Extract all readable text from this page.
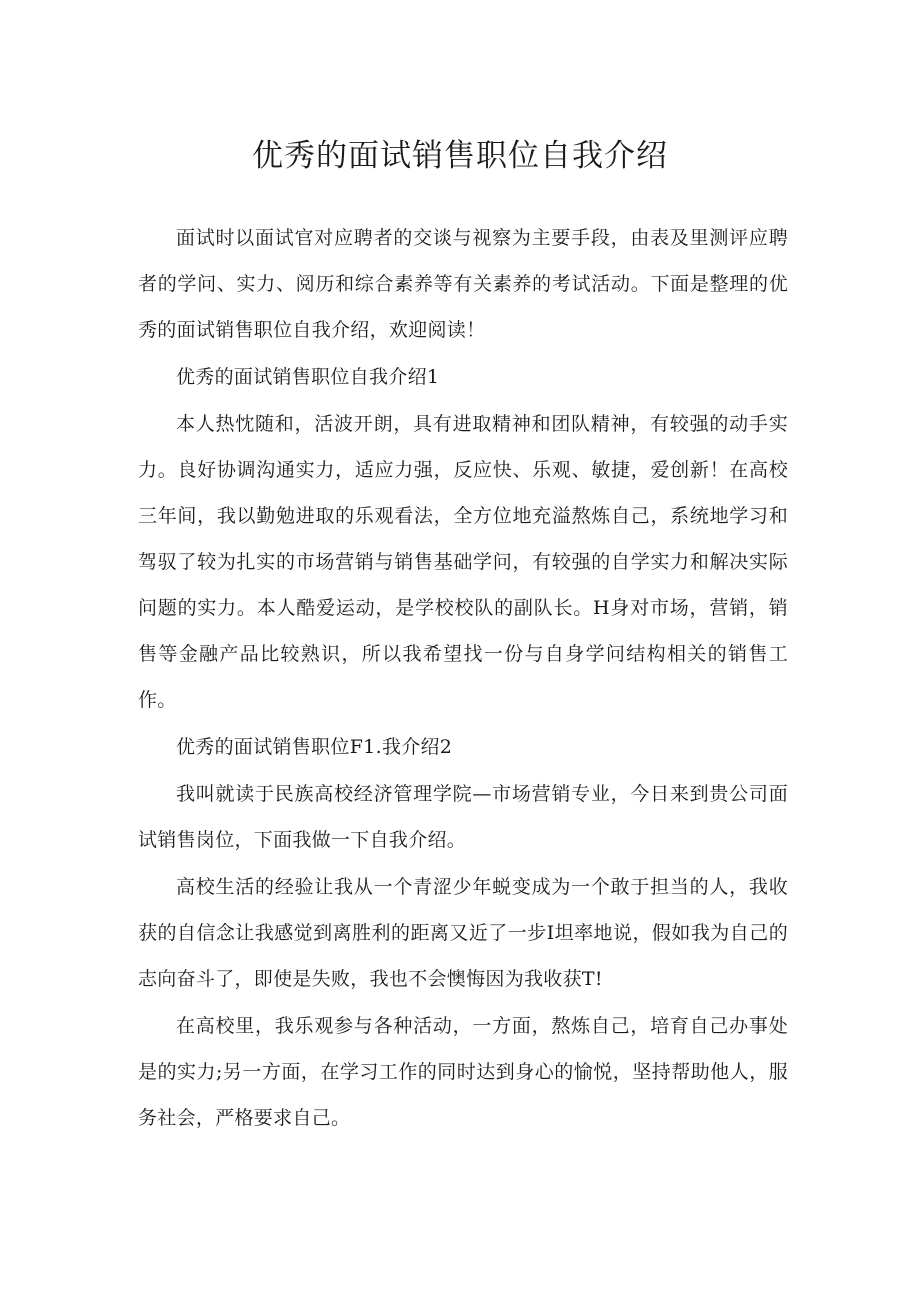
优秀的面试销售职位自我介绍

面试时以面试官对应聘者的交谈与视察为主要手段，由表及里测评应聘者的学问、实力、阅历和综合素养等有关素养的考试活动。下面是整理的优秀的面试销售职位自我介绍，欢迎阅读！

优秀的面试销售职位自我介绍1

本人热忱随和，活波开朗，具有进取精神和团队精神，有较强的动手实力。良好协调沟通实力，适应力强，反应快、乐观、敏捷，爱创新！在高校三年间，我以勤勉进取的乐观看法，全方位地充溢熬炼自己，系统地学习和驾驭了较为扎实的市场营销与销售基础学问，有较强的自学实力和解决实际问题的实力。本人酷爱运动，是学校校队的副队长。H身对市场，营销，销售等金融产品比较熟识，所以我希望找一份与自身学问结构相关的销售工作。

优秀的面试销售职位F1.我介绍2

我叫就读于民族高校经济管理学院—市场营销专业，今日来到贵公司面试销售岗位，下面我做一下自我介绍。

高校生活的经验让我从一个青涩少年蜕变成为一个敢于担当的人，我收获的自信念让我感觉到离胜利的距离又近了一步I坦率地说，假如我为自己的志向奋斗了，即使是失败，我也不会懊悔因为我收获T!

在高校里，我乐观参与各种活动，一方面，熬炼自己，培育自己办事处是的实力;另一方面，在学习工作的同时达到身心的愉悦，坚持帮助他人，服务社会，严格要求自己。
